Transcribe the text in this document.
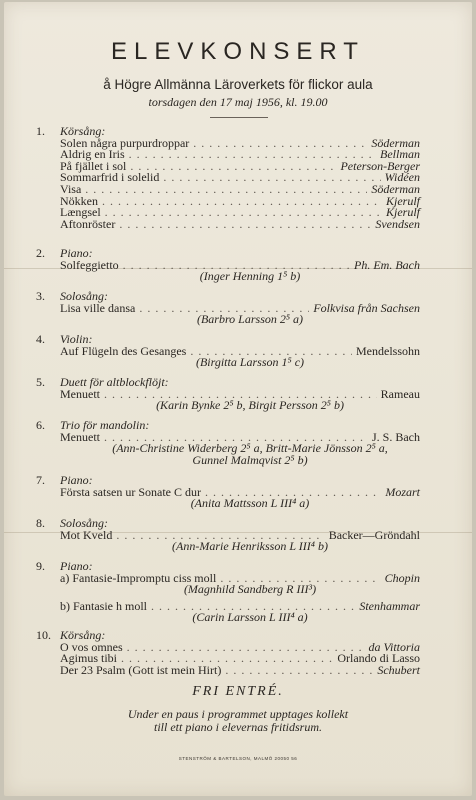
ELEVKONSERT
å Högre Allmänna Läroverkets för flickor aula
torsdagen den 17 maj 1956, kl. 19.00
1. Körsång:
Solen några purpurdroppar . . .	Söderman
Aldrig en Iris . . .	Bellman
På fjället i sol . . .	Peterson-Berger
Sommarfrid i solelid . . .	Widéen
Visa . . .	Söderman
Nökken . . .	Kjerulf
Længsel . . .	Kjerulf
Aftonröster . . .	Svendsen
2. Piano:
Solfeggietto . . .	Ph. Em. Bach
(Inger Henning 1⁵ b)
3. Solosång:
Lisa ville dansa . . .	Folkvisa från Sachsen
(Barbro Larsson 2⁵ a)
4. Violin:
Auf Flügeln des Gesanges . . .	Mendelssohn
(Birgitta Larsson 1⁵ c)
5. Duett för altblockflöjt:
Menuett . . .	Rameau
(Karin Bynke 2⁵ b, Birgit Persson 2⁵ b)
6. Trio för mandolin:
Menuett . . .	J. S. Bach
(Ann-Christine Widerberg 2⁵ a, Britt-Marie Jönsson 2⁵ a,
Gunnel Malmqvist 2⁵ b)
7. Piano:
Första satsen ur Sonate C dur . . .	Mozart
(Anita Mattsson L III⁴ a)
8. Solosång:
Mot Kveld . . .	Backer—Gröndahl
(Ann-Marie Henriksson L III⁴ b)
9. Piano:
a) Fantasie-Impromptu ciss moll . . .	Chopin
(Magnhild Sandberg R III³)
b) Fantasie h moll . . .	Stenhammar
(Carin Larsson L III⁴ a)
10. Körsång:
O vos omnes . . .	da Vittoria
Agimus tibi . . .	Orlando di Lasso
Der 23 Psalm (Gott ist mein Hirt) . . .	Schubert
FRI ENTRÉ.
Under en paus i programmet upptages kollekt
till ett piano i elevernas fritidsrum.
STENSTRÖM & BARTELSON, MALMÖ 20050 56
